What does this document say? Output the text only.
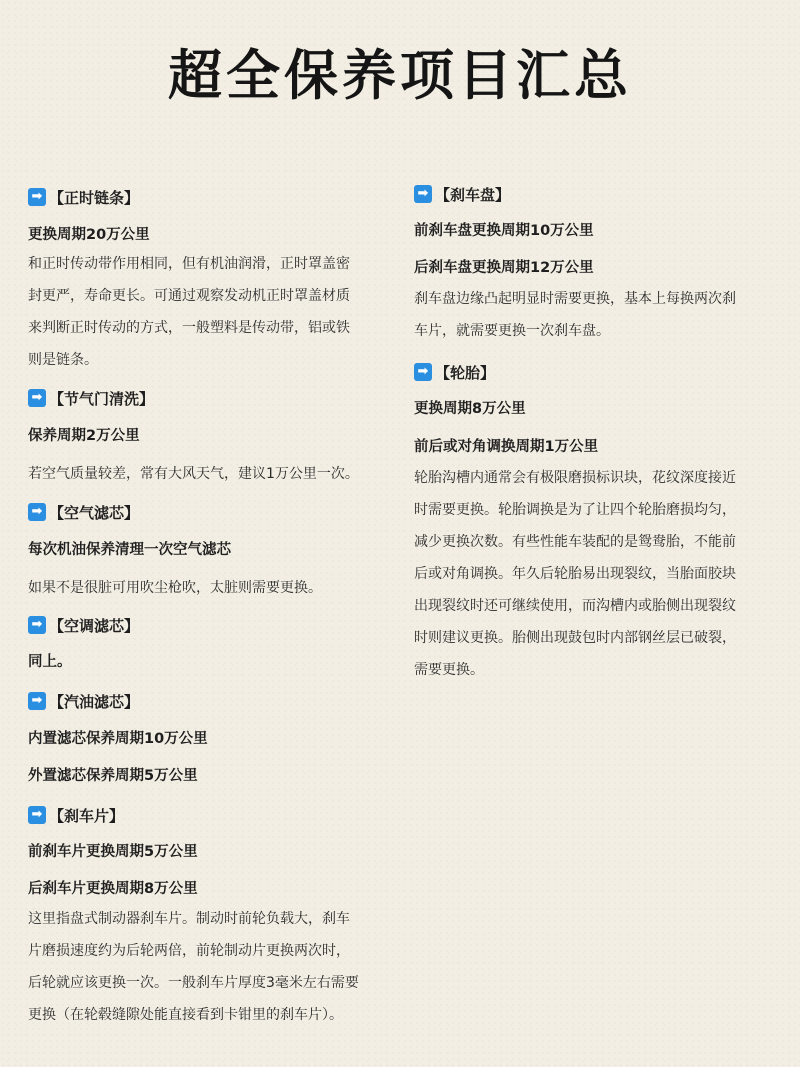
超全保养项目汇总
➡ 【正时链条】
更换周期20万公里
和正时传动带作用相同，但有机油润滑，正时罩盖密
封更严，寿命更长。可通过观察发动机正时罩盖材质
来判断正时传动的方式，一般塑料是传动带，铝或铁
则是链条。
➡ 【节气门清洗】
保养周期2万公里
若空气质量较差，常有大风天气，建议1万公里一次。
➡ 【空气滤芯】
每次机油保养清理一次空气滤芯
如果不是很脏可用吹尘枪吹，太脏则需要更换。
➡ 【空调滤芯】
同上。
➡ 【汽油滤芯】
内置滤芯保养周期10万公里
外置滤芯保养周期5万公里
➡ 【刹车片】
前刹车片更换周期5万公里
后刹车片更换周期8万公里
这里指盘式制动器刹车片。制动时前轮负载大，刹车
片磨损速度约为后轮两倍，前轮制动片更换两次时，
后轮就应该更换一次。一般刹车片厚度3毫米左右需要
更换（在轮毂缝隙处能直接看到卡钳里的刹车片）。
➡ 【刹车盘】
前刹车盘更换周期10万公里
后刹车盘更换周期12万公里
刹车盘边缘凸起明显时需要更换，基本上每换两次刹
车片，就需要更换一次刹车盘。
➡ 【轮胎】
更换周期8万公里
前后或对角调换周期1万公里
轮胎沟槽内通常会有极限磨损标识块，花纹深度接近
时需要更换。轮胎调换是为了让四个轮胎磨损均匀，
减少更换次数。有些性能车装配的是鸳鸯胎，不能前
后或对角调换。年久后轮胎易出现裂纹，当胎面胶块
出现裂纹时还可继续使用，而沟槽内或胎侧出现裂纹
时则建议更换。胎侧出现鼓包时内部钢丝层已破裂，
需要更换。
